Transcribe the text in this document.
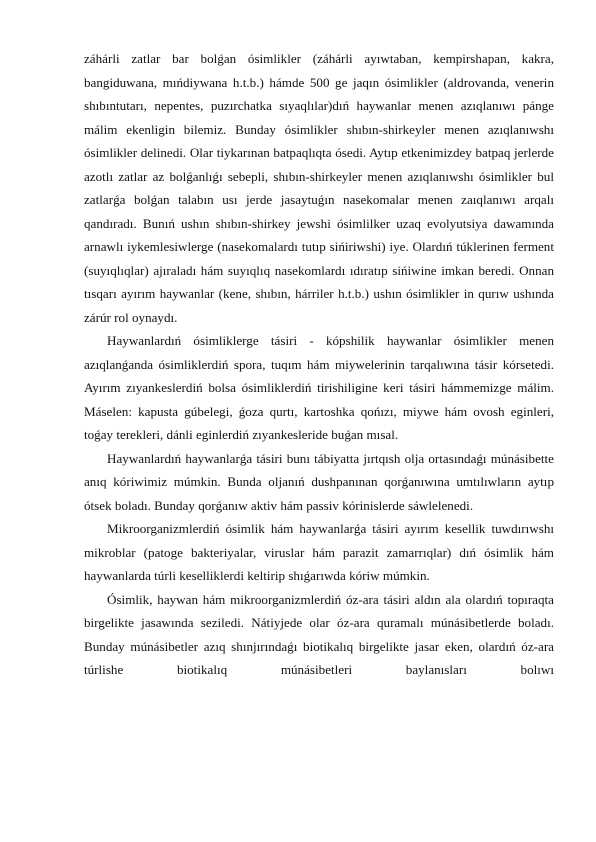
záhárli zatlar bar bolǵan ósimlikler (záhárli ayıwtaban, kempirshapan, kakra, bangiduwana, mıńdiywana h.t.b.) hámde 500 ge jaqın ósimlikler (aldrovanda, venerin shıbıntutarı, nepentes, puzırchatka sıyaqlılar)dıń haywanlar menen azıqlanıwı pánge málim ekenligin bilemiz. Bunday ósimlikler shıbın-shirkeyler menen azıqlanıwshı ósimlikler delinedi. Olar tiykarınan batpaqlıqta ósedi. Aytıp etkenimizdey batpaq jerlerde azotlı zatlar az bolǵanlıǵı sebepli, shıbın-shirkeyler menen azıqlanıwshı ósimlikler bul zatlarǵa bolǵan talabın usı jerde jasaytuǵın nasekomalar menen zaıqlanıwı arqalı qandıradı. Bunıń ushın shıbın-shirkey jewshi ósimlilker uzaq evolyutsiya dawamında arnawlı iykemlesiwlerge (nasekomalardı tutıp sińiriwshi) iye. Olardıń túklerinen ferment (suyıqlıqlar) ajıraladı hám suyıqlıq nasekomlardı ıdıratıp sińiwine imkan beredi. Onnan tısqarı ayırım haywanlar (kene, shıbın, hárriler h.t.b.) ushın ósimlikler in qurıw ushında zárúr rol oynaydı.

Haywanlardıń ósimliklerge tásiri - kópshilik haywanlar ósimlikler menen azıqlanǵanda ósimliklerdiń spora, tuqım hám miywelerinin tarqalıwına tásir kórsetedi. Ayırım zıyankeslerdiń bolsa ósimliklerdiń tirishiligine keri tásiri hámmemizge málim. Máselen: kapusta gúbelegi, ǵoza qurtı, kartoshka qońızı, miywe hám ovosh eginleri, toǵay terekleri, dánli eginlerdiń zıyankesleride buǵan mısal.

Haywanlardıń haywanlarǵa tásiri bunı tábiyatta jırtqısh olja ortasındaǵı múnásibette anıq kóriwimiz múmkin. Bunda oljanıń dushpanınan qorǵanıwına umtılıwların aytıp ótsek boladı. Bunday qorǵanıw aktiv hám passiv kórinislerde sáwlelenedi.

Mikroorganizmlerdiń ósimlik hám haywanlarǵa tásiri ayırım kesellik tuwdırıwshı mikroblar (patoge bakteriyalar, viruslar hám parazit zamarrıqlar) dıń ósimlik hám haywanlarda túrli keselliklerdi keltirip shıǵarıwda kóriw múmkin.

Ósimlik, haywan hám mikroorganizmlerdiń óz-ara tásiri aldın ala olardıń topıraqta birgelikte jasawında seziledi. Nátiyjede olar óz-ara quramalı múnásibetlerde boladı. Bunday múnásibetler azıq shınjırındaǵı biotikalıq birgelikte jasar eken, olardıń óz-ara túrlishe biotikalıq múnásibetleri baylanısları bolıwı
